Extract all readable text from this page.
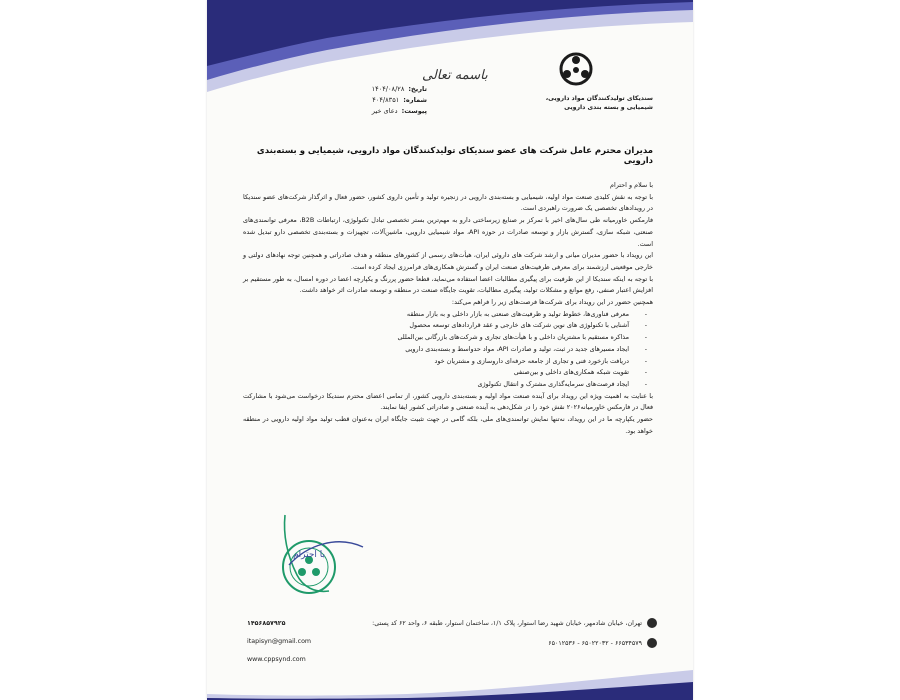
سندیکای تولیدکنندگان مواد دارویی،
شیمیایی و بسته بندی دارویی
باسمه تعالی
تاریخ:
۱۴۰۴/۰۸/۲۸
شماره:
۴۰۴/۸۳۵۱
پیوست:
دعای خیر
مدیران محترم عامل شرکت های عضو سندیکای تولیدکنندگان مواد دارویی، شیمیایی و بسته‌بندی دارویی

با سلام و احترام

با توجه به نقش کلیدی صنعت مواد اولیه، شیمیایی و بسته‌بندی دارویی در زنجیره تولید و تأمین داروی کشور، حضور فعال و اثرگذار شرکت‌های عضو سندیکا در رویدادهای تخصصی یک ضرورت راهبردی است.

فارمکس خاورمیانه طی سال‌های اخیر با تمرکز بر صنایع زیرساختی دارو به مهم‌ترین بستر تخصصی تبادل تکنولوژی، ارتباطات B2B، معرفی توانمندی‌های صنعتی، شبکه سازی، گسترش بازار و توسعه صادرات در حوزه API، مواد شیمیایی دارویی، ماشین‌آلات، تجهیزات و بسته‌بندی تخصصی دارو تبدیل شده است.

این رویداد با حضور مدیران میانی و ارشد شرکت های داروئی ایران، هیأت‌های رسمی از کشورهای منطقه و هدف صادراتی و همچنین توجه نهادهای دولتی و خارجی موقعیتی ارزشمند برای معرفی ظرفیت‌های صنعت ایران و گسترش همکاری‌های فرامرزی ایجاد کرده است.

با توجه به اینکه سندیکا از این ظرفیت برای پیگیری مطالبات اعضا استفاده می‌نماید، قطعا حضور پررنگ و یکپارچه اعضا در دوره امسال، به طور مستقیم بر افزایش اعتبار صنفی، رفع موانع و مشکلات تولید، پیگیری مطالبات، تقویت جایگاه صنعت در منطقه و توسعه صادرات اثر خواهد داشت.

همچنین حضور در این رویداد برای شرکت‌ها فرصت‌های زیر را فراهم می‌کند:

- معرفی فناوری‌ها، خطوط تولید و ظرفیت‌های صنعتی به بازار داخلی و به بازار منطقه
- آشنایی با تکنولوژی های نوین شرکت های خارجی و عقد قراردادهای توسعه محصول
- مذاکره مستقیم با مشتریان داخلی و با هیأت‌های تجاری و شرکت‌های بازرگانی بین‌المللی
- ایجاد مسیرهای جدید در ثبت، تولید و صادرات API، مواد حدواسط و بسته‌بندی دارویی
- دریافت بازخورد فنی و تجاری از جامعه حرفه‌ای داروسازی و مشتریان خود
- تقویت شبکه همکاری‌های داخلی و بین‌صنفی
- ایجاد فرصت‌های سرمایه‌گذاری مشترک و انتقال تکنولوژی

با عنایت به اهمیت ویژه این رویداد برای آینده صنعت مواد اولیه و بسته‌بندی دارویی کشور، از تمامی اعضای محترم سندیکا درخواست می‌شود با مشارکت فعال در فارمکس خاورمیانه۲۰۲۶ نقش خود را در شکل‌دهی به آینده صنعتی و صادراتی کشور ایفا نمایند.

حضور یکپارچه ما در این رویداد، نه‌تنها نمایش توانمندی‌های ملی، بلکه گامی در جهت تثبیت جایگاه ایران به‌عنوان قطب تولید مواد اولیه دارویی در منطقه خواهد بود.

با احترام
تهران، خیابان شادمهر، خیابان شهید رضا استوار، پلاک ۱/۱، ساختمان استوار، طبقه ۶، واحد ۶۲ کد پستی:
۱۴۵۶۸۵۷۹۲۵
itapisyn@gmail.com	۶۶۵۳۴۵۷۹ - ۶۵۰۲۲۰۳۲ - ۶۵۰۱۲۵۳۶
www.cppsynd.com
